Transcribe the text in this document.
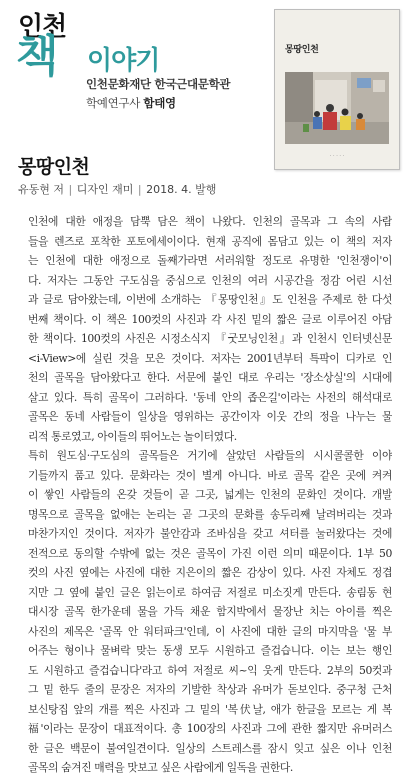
인천
책 이야기
인천문화재단 한국근대문학관
학예연구사 함태영
몽땅인천
· · · · ·
몽땅인천
유동현 저 | 디자인 재미 | 2018. 4. 발행
인천에 대한 애정을 담뿍 담은 책이 나왔다. 인천의 골목과 그 속의 사람
들을 렌즈로 포착한 포토에세이이다. 현재 공직에 몸담고 있는 이 책의 저자
는 인천에 대한 애정으로 돌째가라면 서러워할 정도로 유명한 '인천쟁이'이
다. 저자는 그동안 구도심을 중심으로 인천의 여러 시공간을 정감 어린 시선
과 글로 담아왔는데, 이번에 소개하는 『몽땅인천』도 인천을 주제로 한 다섯
번째 책이다. 이 책은 100컷의 사진과 각 사진 밑의 짧은 글로 이루어진 아담
한 책이다. 100컷의 사진은 시정소식지 『굿모닝인천』과 인천시 인터넷신문
<i-View>에 실린 것을 모은 것이다. 저자는 2001년부터 특팍이 디카로 인
천의 골목을 담아왔다고 한다. 서문에 붙인 대로 우리는 '장소상실'의 시대에
살고 있다. 특히 골목이 그러하다. '동네 안의 좁은길'이라는 사전의 해석대로
골목은 동네 사람들이 일상을 영위하는 공간이자 이웃 간의 정을 나누는 물
리적 통로였고, 아이들의 뛰어노는 놀이터였다.
특히 원도심·구도심의 골목들은 거기에 살았던 사람들의 시시콜콜한 이야
기들까지 품고 있다. 문화라는 것이 별게 아니다. 바로 골목 같은 곳에 켜켜
이 쌓인 사람들의 온갖 것들이 곧 그곳, 넓게는 인천의 문화인 것이다. 개발
명목으로 골목을 없애는 논리는 곧 그곳의 문화를 송두리째 날려버리는 것과
마찬가지인 것이다. 저자가 불안감과 조바심을 갖고 셔터를 눌러왔다는 것에
전적으로 동의할 수밖에 없는 것은 골목이 가진 이런 의미 때문이다. 1부 50
컷의 사진 옆에는 사진에 대한 지은이의 짧은 감상이 있다. 사진 자체도 정겹
지만 그 옆에 붙인 글은 읽는이로 하여금 저절로 미소짓게 만든다. 송림동 현
대시장 골목 한가운데 물을 가득 채운 함지박에서 물장난 치는 아이를 찍은
사진의 제목은 '골목 안 워터파크'인데, 이 사진에 대한 글의 마지막을 '물 부
어주는 형이나 물벼락 맞는 동생 모두 시원하고 즐겁습니다. 이는 보는 행인
도 시원하고 즐겁습니다'라고 하여 저절로 씨~익 웃게 만든다. 2부의 50컷과
그 밑 한두 줄의 문장은 저자의 기발한 착상과 유머가 돋보인다. 중구청 근처
보신탕집 앞의 개를 찍은 사진과 그 밑의 '복伏날, 애가 한글을 모르는 게 복
福'이라는 문장이 대표적이다. 총 100장의 사진과 그에 관한 짧지만 유머러스
한 글은 백문이 불여일견이다. 일상의 스트레스를 잠시 잊고 싶은 이나 인천
골목의 숨겨진 매력을 맛보고 싶은 사람에게 일독을 권한다.
